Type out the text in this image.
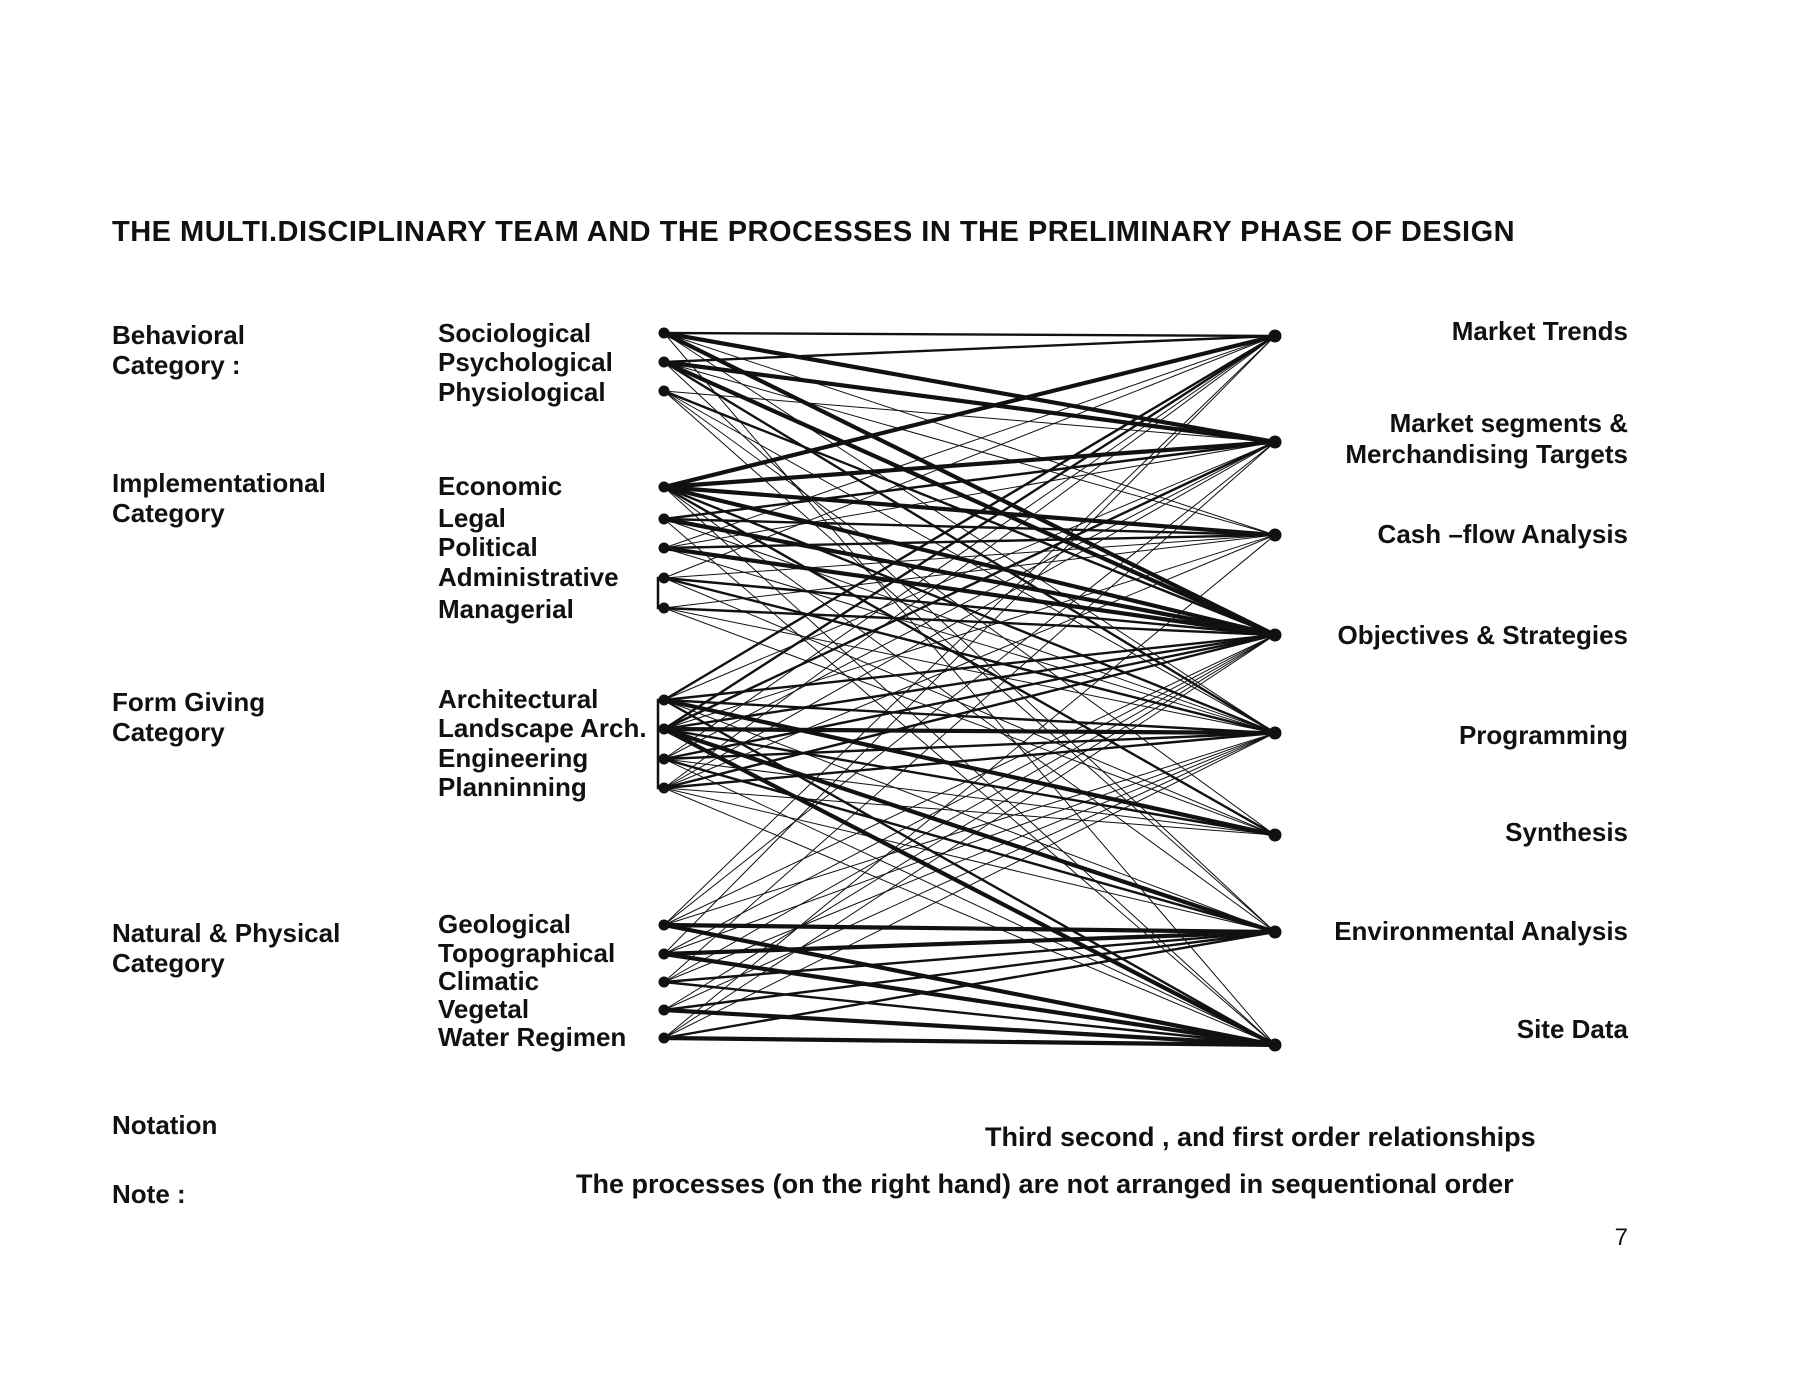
THE MULTI.DISCIPLINARY TEAM AND THE PROCESSES IN THE PRELIMINARY PHASE OF DESIGN
Behavioral
Category :
Implementational
Category
Form Giving
Category
Natural & Physical
Category
Sociological
Psychological
Physiological
Economic
Legal
Political
Administrative
Managerial
Architectural
Landscape Arch.
Engineering
Planninning
Geological
Topographical
Climatic
Vegetal
Water Regimen
Market Trends
Market segments &
Merchandising Targets
Cash –flow Analysis
Objectives & Strategies
Programming
Synthesis
Environmental Analysis
Site Data
Notation	Third second , and first order relationships
Note :	The processes (on the right hand) are not arranged in sequentional order
7
